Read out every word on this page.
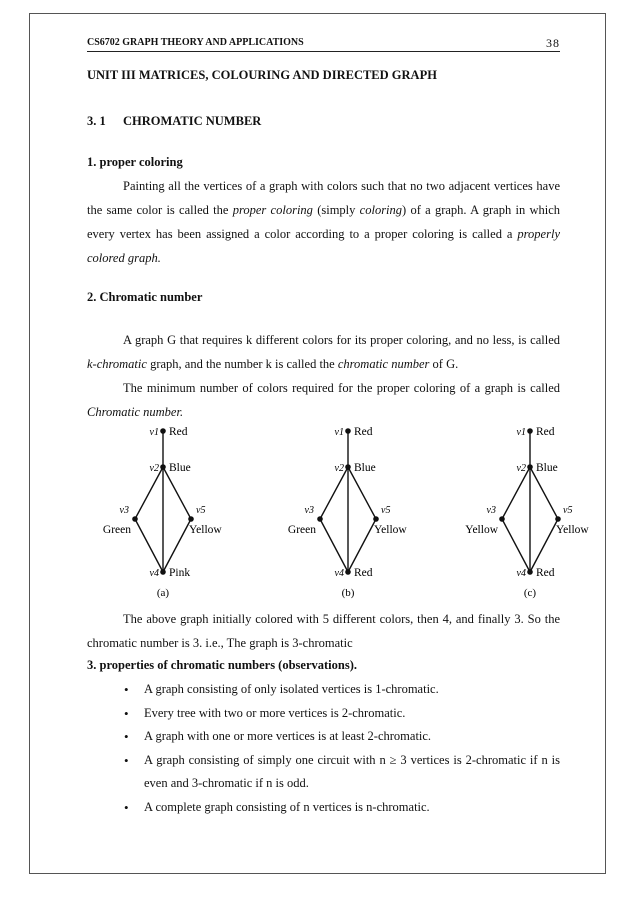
CS6702 GRAPH THEORY AND APPLICATIONS	38
UNIT III MATRICES, COLOURING AND DIRECTED GRAPH
3. 1 CHROMATIC NUMBER
1. proper coloring
Painting all the vertices of a graph with colors such that no two adjacent vertices have the same color is called the proper coloring (simply coloring) of a graph. A graph in which every vertex has been assigned a color according to a proper coloring is called a properly colored graph.
2. Chromatic number
A graph G that requires k different colors for its proper coloring, and no less, is called k-chromatic graph, and the number k is called the chromatic number of G.
The minimum number of colors required for the proper coloring of a graph is called Chromatic number.
v1 Red
v2 Blue
v3
Green
v4 Pink
v5
Yellow
(a)
v1 Red
v2 Blue
v3
Green
v4 Red
v5
Yellow
(b)
v1 Red
v2 Blue
v3
Yellow
v4 Red
v5
Yellow
(c)
The above graph initially colored with 5 different colors, then 4, and finally 3. So the chromatic number is 3. i.e., The graph is 3-chromatic
3. properties of chromatic numbers (observations).
• A graph consisting of only isolated vertices is 1-chromatic.
• Every tree with two or more vertices is 2-chromatic.
• A graph with one or more vertices is at least 2-chromatic.
• A graph consisting of simply one circuit with n ≥ 3 vertices is 2-chromatic if n is even and 3-chromatic if n is odd.
• A complete graph consisting of n vertices is n-chromatic.
